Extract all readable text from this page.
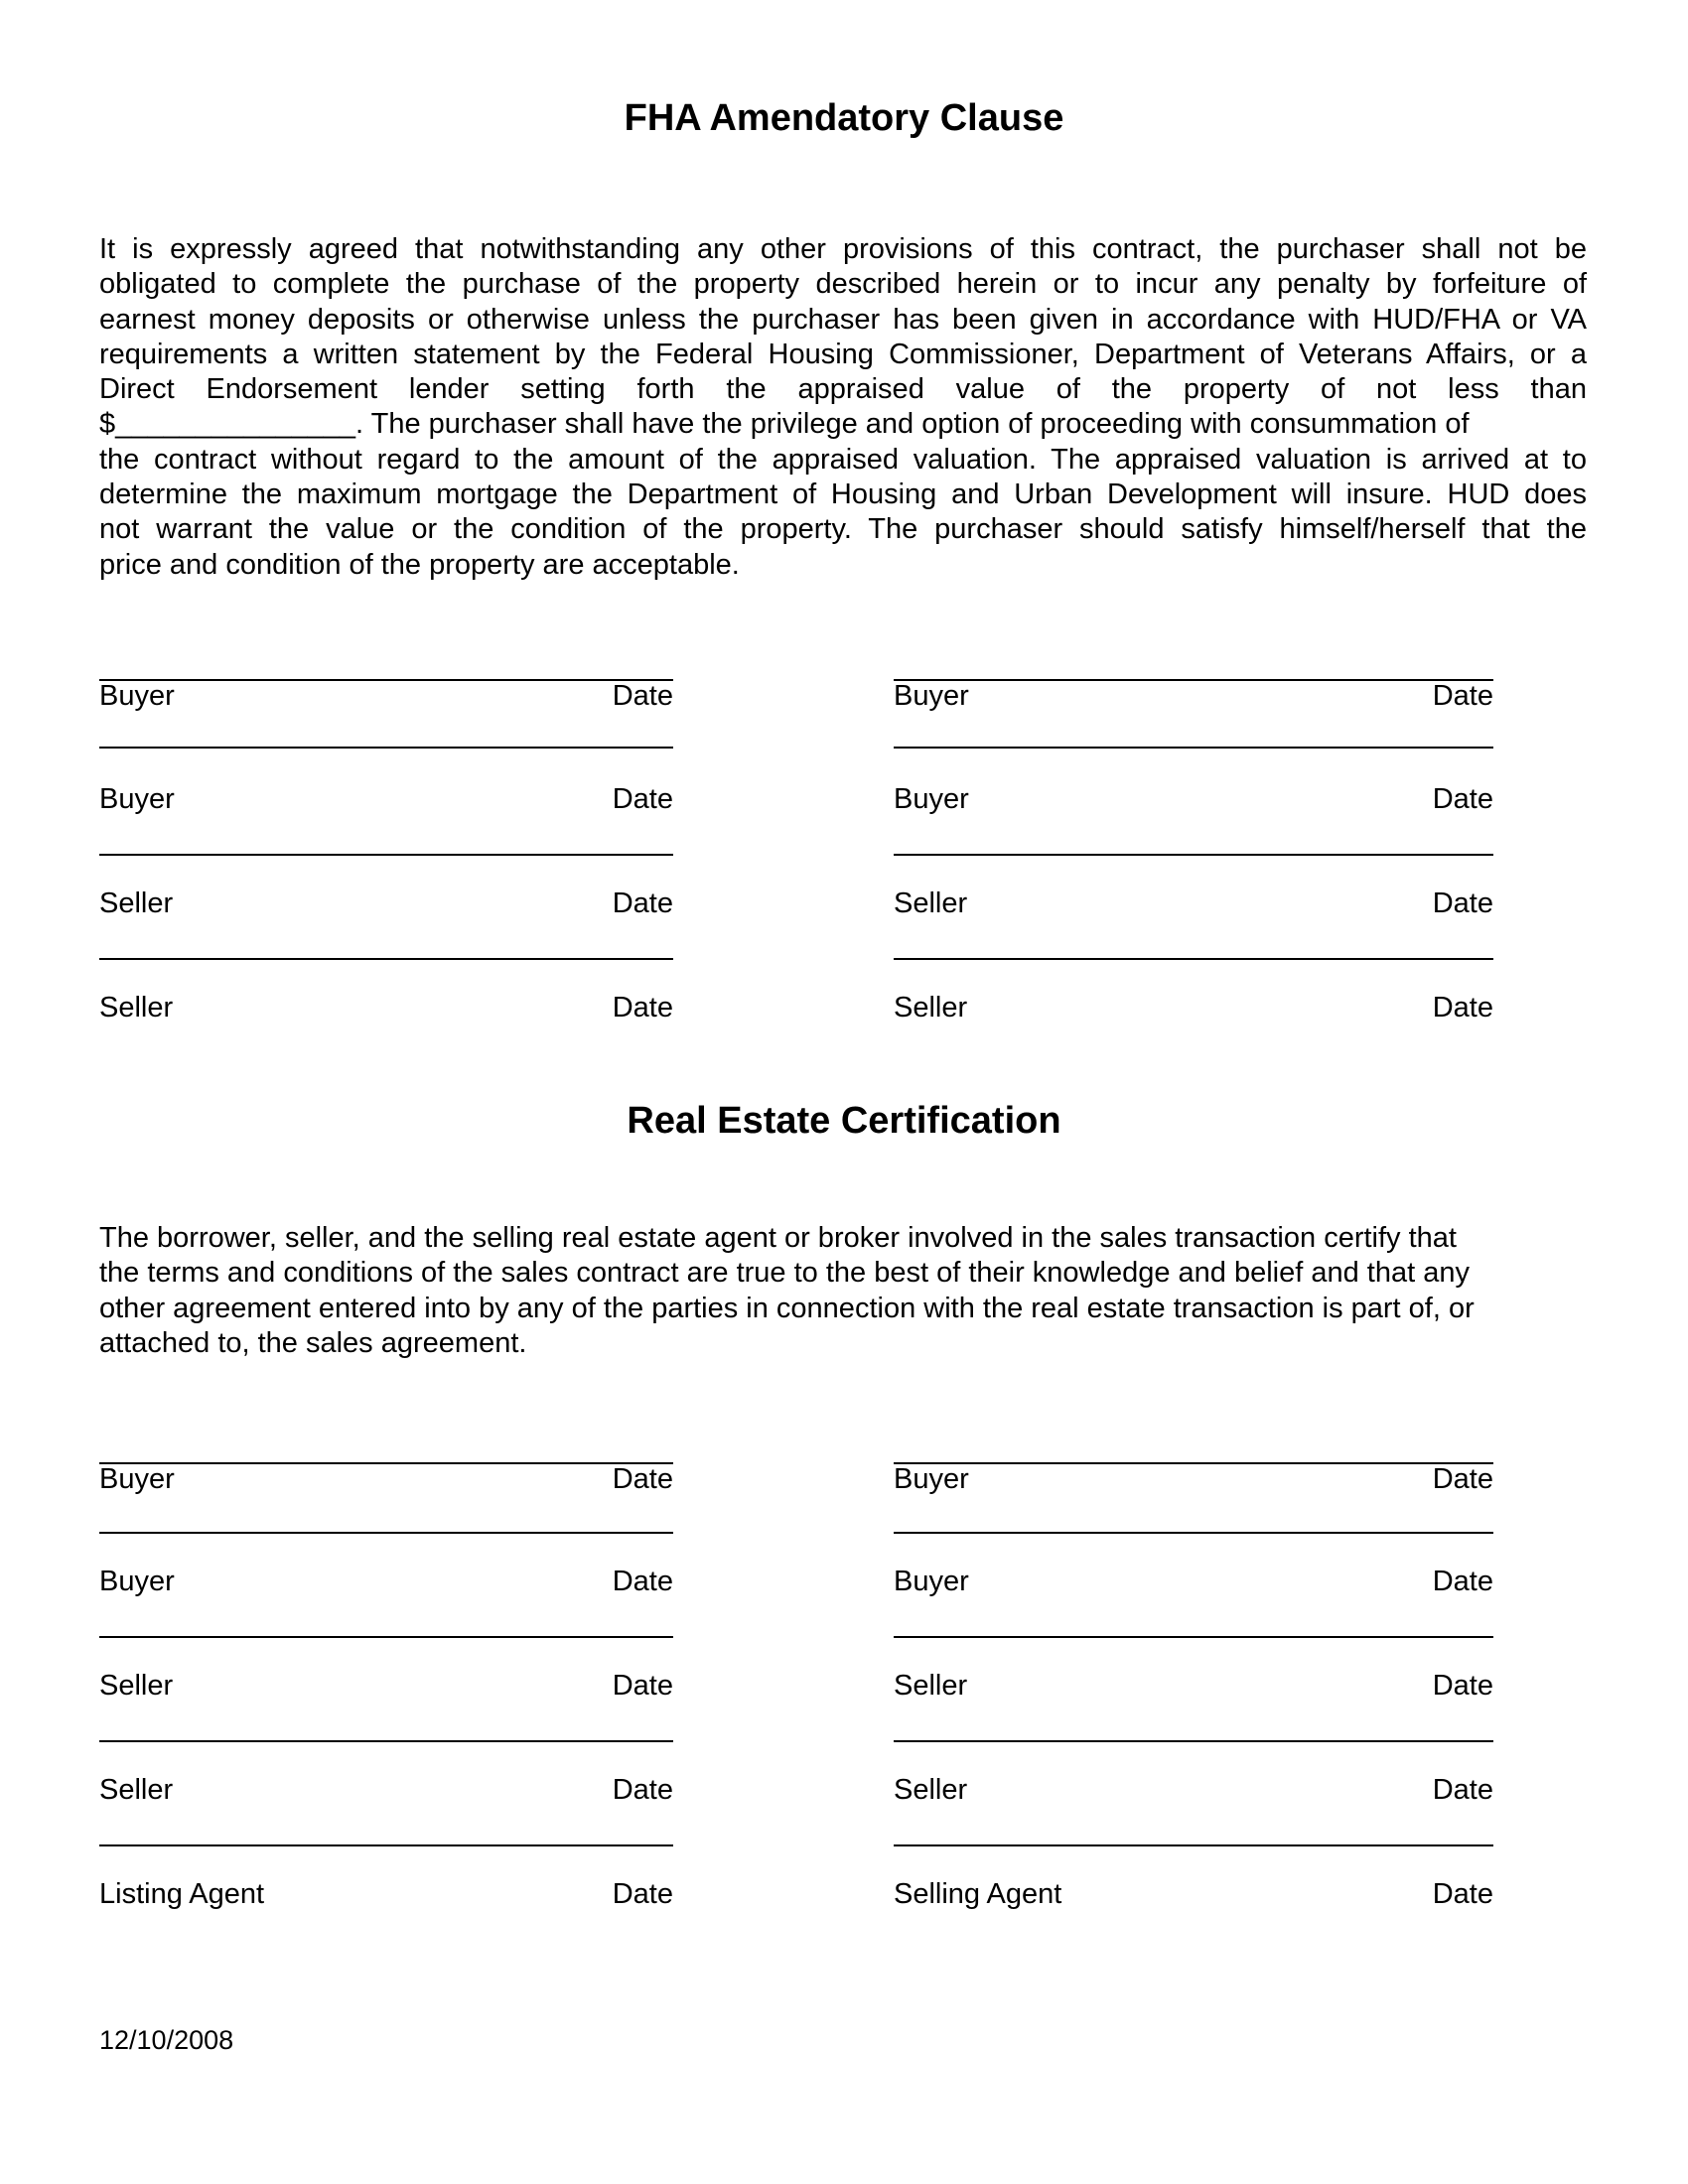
FHA Amendatory Clause
It is expressly agreed that notwithstanding any other provisions of this contract, the purchaser shall not be
obligated to complete the purchase of the property described herein or to incur any penalty by forfeiture of
earnest money deposits or otherwise unless the purchaser has been given in accordance with HUD/FHA or VA
requirements a written statement by the Federal Housing Commissioner, Department of Veterans Affairs, or a
Direct Endorsement lender setting forth the appraised value of the property of not less than
$_______________. The purchaser shall have the privilege and option of proceeding with consummation of
the contract without regard to the amount of the appraised valuation. The appraised valuation is arrived at to
determine the maximum mortgage the Department of Housing and Urban Development will insure. HUD does
not warrant the value or the condition of the property. The purchaser should satisfy himself/herself that the
price and condition of the property are acceptable.
Buyer	Date	Buyer	Date
Buyer	Date	Buyer	Date
Seller	Date	Seller	Date
Seller	Date	Seller	Date
Real Estate Certification
The borrower, seller, and the selling real estate agent or broker involved in the sales transaction certify that
the terms and conditions of the sales contract are true to the best of their knowledge and belief and that any
other agreement entered into by any of the parties in connection with the real estate transaction is part of, or
attached to, the sales agreement.
Buyer	Date	Buyer	Date
Buyer	Date	Buyer	Date
Seller	Date	Seller	Date
Seller	Date	Seller	Date
Listing Agent	Date	Selling Agent	Date

12/10/2008
